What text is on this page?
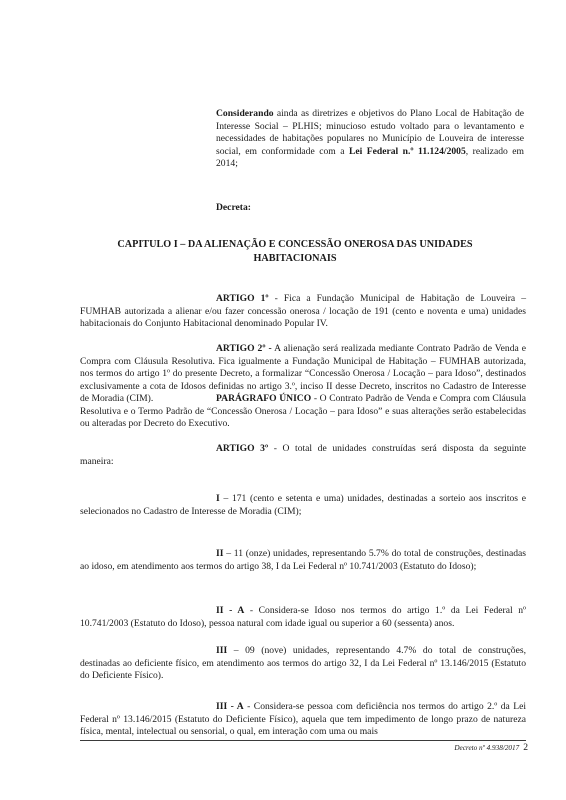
Considerando ainda as diretrizes e objetivos do Plano Local de Habitação de Interesse Social – PLHIS; minucioso estudo voltado para o levantamento e necessidades de habitações populares no Município de Louveira de interesse social, em conformidade com a Lei Federal n.º 11.124/2005, realizado em 2014;
Decreta:
CAPITULO I – DA ALIENAÇÃO E CONCESSÃO ONEROSA DAS UNIDADES
HABITACIONAIS
ARTIGO 1º - Fica a Fundação Municipal de Habitação de Louveira – FUMHAB autorizada a alienar e/ou fazer concessão onerosa / locação de 191 (cento e noventa e uma) unidades habitacionais do Conjunto Habitacional denominado Popular IV.
ARTIGO 2º - A alienação será realizada mediante Contrato Padrão de Venda e Compra com Cláusula Resolutiva. Fica igualmente a Fundação Municipal de Habitação – FUMHAB autorizada, nos termos do artigo 1º do presente Decreto, a formalizar “Concessão Onerosa / Locação – para Idoso”, destinados exclusivamente a cota de Idosos definidas no artigo 3.º, inciso II desse Decreto, inscritos no Cadastro de Interesse de Moradia (CIM).	PARÁGRAFO ÚNICO - O Contrato Padrão de Venda e Compra com Cláusula Resolutiva e o Termo Padrão de “Concessão Onerosa / Locação – para Idoso” e suas alterações serão estabelecidas ou alteradas por Decreto do Executivo.
ARTIGO 3º - O total de unidades construídas será disposta da seguinte maneira:
I – 171 (cento e setenta e uma) unidades, destinadas a sorteio aos inscritos e selecionados no Cadastro de Interesse de Moradia (CIM);
II – 11 (onze) unidades, representando 5.7% do total de construções, destinadas ao idoso, em atendimento aos termos do artigo 38, I da Lei Federal nº 10.741/2003 (Estatuto do Idoso);
II - A - Considera-se Idoso nos termos do artigo 1.º da Lei Federal nº 10.741/2003 (Estatuto do Idoso), pessoa natural com idade igual ou superior a 60 (sessenta) anos.
III – 09 (nove) unidades, representando 4.7% do total de construções, destinadas ao deficiente físico, em atendimento aos termos do artigo 32, I da Lei Federal nº 13.146/2015 (Estatuto do Deficiente Físico).
III - A - Considera-se pessoa com deficiência nos termos do artigo 2.º da Lei Federal nº 13.146/2015 (Estatuto do Deficiente Físico), aquela que tem impedimento de longo prazo de natureza física, mental, intelectual ou sensorial, o qual, em interação com uma ou mais
Decreto nº 4.938/2017 2
